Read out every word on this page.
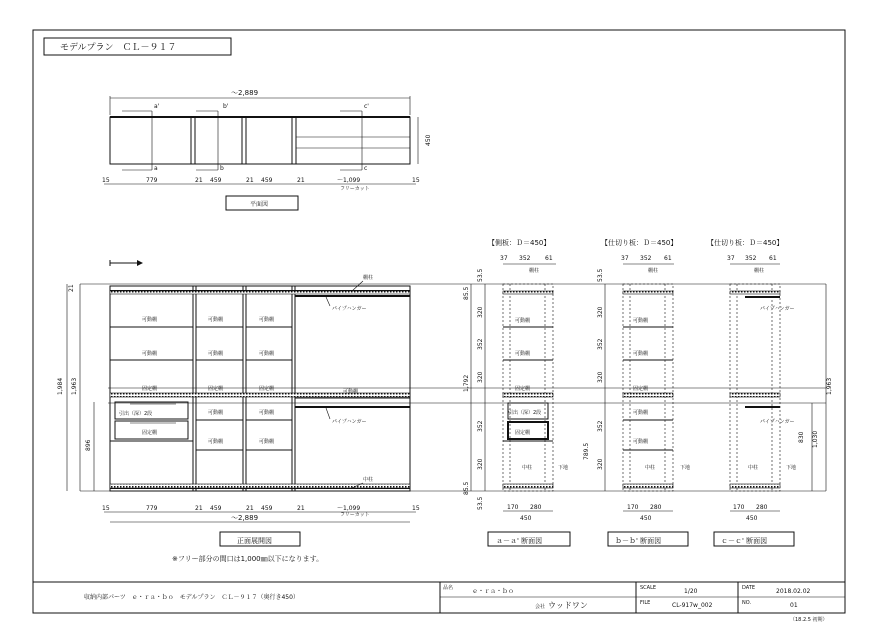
モデルプラン　ＣＬ－９１７
～2,889
a'	b'	c'
a	b	c
450
15	779	21 459	21 459	21	～1,099	15
フリーカット
平面図
可動棚
可動棚
固定棚
引出（深）2段
固定棚
可動棚
可動棚
固定棚
可動棚
可動棚
可動棚
可動棚
固定棚
可動棚
可動棚
可動棚
パイプハンガー
パイプハンガー
棚柱
中柱
21
1,984 1,963
896
15	779	21 459	21 459	21	～1,099	15
フリーカット
～2,889
正面展開図
※フリー部分の間口は1,000㎜以下になります。
【側板：Ｄ＝450】
37 352 61
可動棚
可動棚
固定棚
引出（深）2段
固定棚
棚柱
中柱	下地
85.5
1,792
85.5
53.5
320
352
320
352
320
53.5	170 280
450
ａ－ａ' 断面図
【仕切り板：Ｄ＝450】
37 352 61
可動棚
可動棚
固定棚
可動棚
可動棚
棚柱
中柱	下地
53.5
320
352
320
352
320
789.5
170 280
450
ｂ－ｂ' 断面図
【仕切り板：Ｄ＝450】
37 352 61
棚柱
パイプハンガー
パイプハンガー
中柱	下地
1,963
1,030
830
170 280
450
ｃ－ｃ' 断面図
収納内部パーツ　ｅ・ｒａ・ｂｏ　モデルプラン　ＣＬ－９１７（奥行き450）
品名	ｅ・ｒａ・ｂｏ
会社 ウッドワン
SCALE	1/20
FILE	CL-917w_002
DATE	2018.02.02
NO.	01
（18.2.5 初期）
